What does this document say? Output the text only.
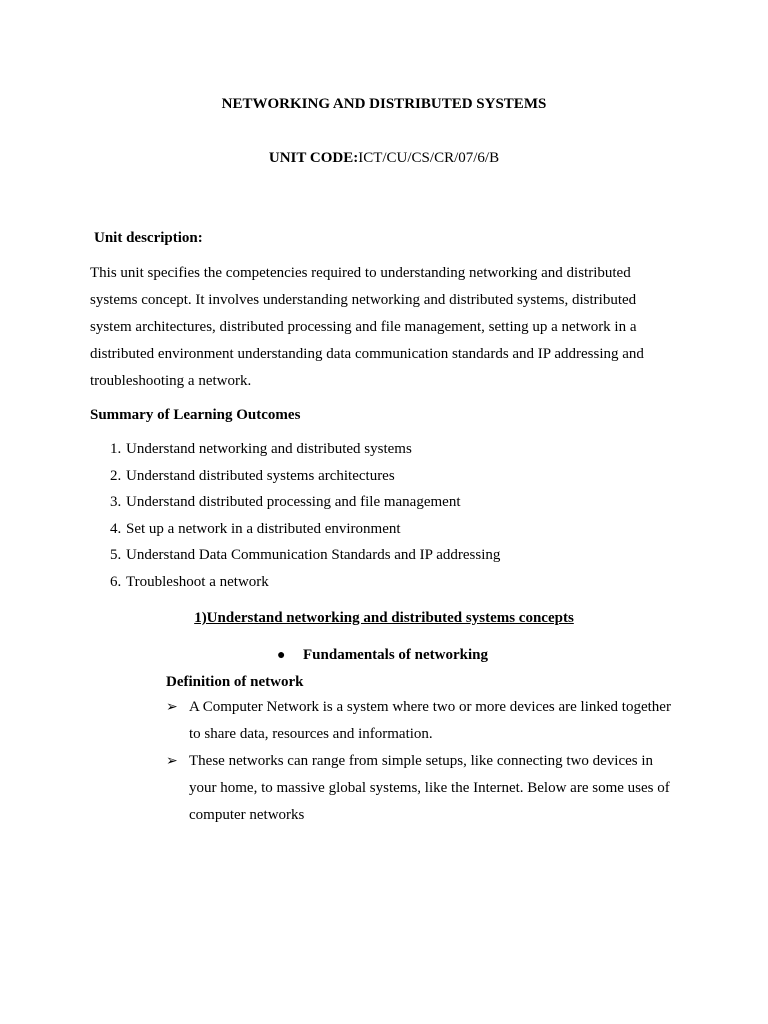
NETWORKING AND DISTRIBUTED SYSTEMS
UNIT CODE:ICT/CU/CS/CR/07/6/B
Unit description:
This unit specifies the competencies required to understanding networking and distributed systems concept. It involves understanding networking and distributed systems, distributed system architectures, distributed processing and file management, setting up a network in a distributed environment understanding data communication standards and IP addressing and troubleshooting a network.
Summary of Learning Outcomes
1. Understand networking and distributed systems
2. Understand distributed systems architectures
3. Understand distributed processing and file management
4. Set up a network in a distributed environment
5. Understand Data Communication Standards and IP addressing
6. Troubleshoot a network
1)Understand networking and distributed systems concepts
● Fundamentals of networking
Definition of network
➢ A Computer Network is a system where two or more devices are linked together to share data, resources and information.
➢ These networks can range from simple setups, like connecting two devices in your home, to massive global systems, like the Internet. Below are some uses of computer networks
